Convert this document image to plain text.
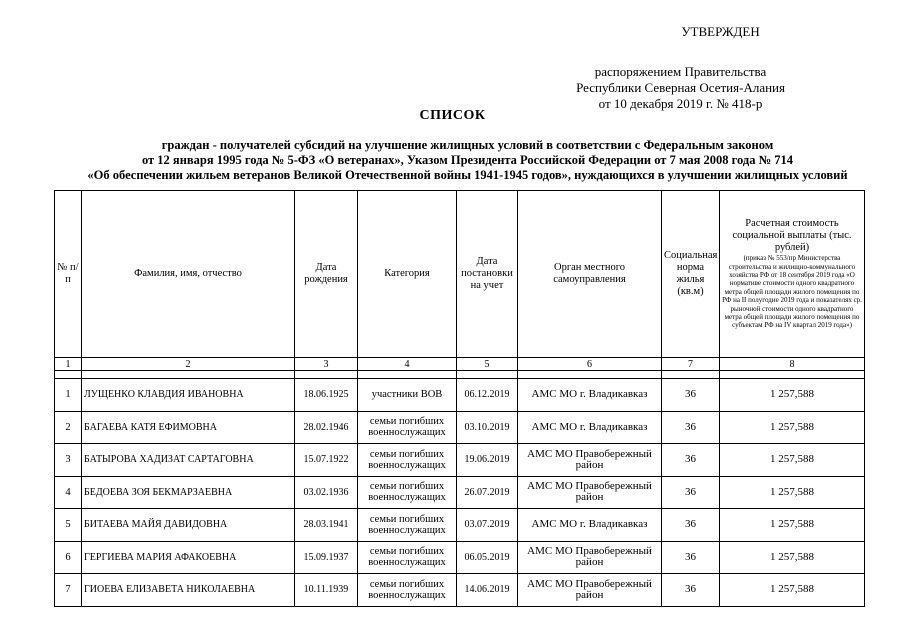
УТВЕРЖДЕН
распоряжением Правительства
Республики Северная Осетия-Алания
от 10 декабря 2019 г. № 418-р
СПИСОК
граждан - получателей субсидий на улучшение жилищных условий в соответствии с Федеральным законом
от 12 января 1995 года № 5-ФЗ «О ветеранах», Указом Президента Российской Федерации от 7 мая 2008 года № 714
«Об обеспечении жильем ветеранов Великой Отечественной войны 1941-1945 годов», нуждающихся в улучшении жилищных условий
№ п/п	Фамилия, имя, отчество	Дата рождения	Категория	Дата постановки на учет	Орган местного самоуправления	Социальная норма жилья (кв.м)	Расчетная стоимость социальной выплаты (тыс. рублей)
(приказ № 553/пр Министерства строительства и жилищно-коммунального хозяйства РФ от 18 сентября 2019 года «О нормативе стоимости одного квадратного метра общей площади жилого помещения по РФ на II полугодие 2019 года и показателях ср. рыночной стоимости одного квадратного метра общей площади жилого помещения по субъектам РФ на IV квартал 2019 года»)

1	2	3	4	5	6	7	8

1	ЛУЩЕНКО КЛАВДИЯ ИВАНОВНА	18.06.1925	участники ВОВ	06.12.2019	АМС МО г. Владикавказ	36	1 257,588
2	БАГАЕВА КАТЯ ЕФИМОВНА	28.02.1946	семьи погибших военнослужащих	03.10.2019	АМС МО г. Владикавказ	36	1 257,588
3	БАТЫРОВА ХАДИЗАТ САРТАГОВНА	15.07.1922	семьи погибших военнослужащих	19.06.2019	АМС МО Правобережный район	36	1 257,588
4	БЕДОЕВА ЗОЯ БЕКМАРЗАЕВНА	03.02.1936	семьи погибших военнослужащих	26.07.2019	АМС МО Правобережный район	36	1 257,588
5	БИТАЕВА МАЙЯ ДАВИДОВНА	28.03.1941	семьи погибших военнослужащих	03.07.2019	АМС МО г. Владикавказ	36	1 257,588
6	ГЕРГИЕВА МАРИЯ АФАКОЕВНА	15.09.1937	семьи погибших военнослужащих	06.05.2019	АМС МО Правобережный район	36	1 257,588
7	ГИОЕВА ЕЛИЗАВЕТА НИКОЛАЕВНА	10.11.1939	семьи погибших военнослужащих	14.06.2019	АМС МО Правобережный район	36	1 257,588
